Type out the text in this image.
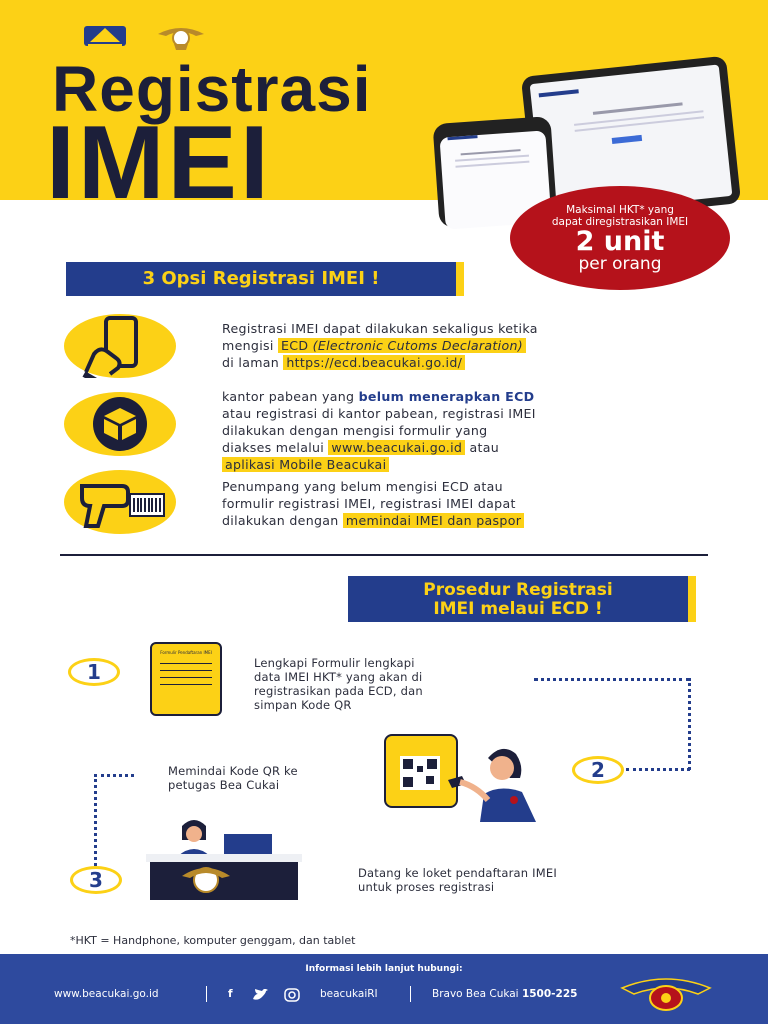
Registrasi
IMEI	Maksimal HKT* yang
dapat diregistrasikan IMEI
2 unit
per orang
3 Opsi Registrasi IMEI !
Registrasi IMEI dapat dilakukan sekaligus ketika
mengisi ECD (Electronic Cutoms Declaration)
di laman https://ecd.beacukai.go.id/
kantor pabean yang belum menerapkan ECD
atau registrasi di kantor pabean, registrasi IMEI
dilakukan dengan mengisi formulir yang
diakses melalui www.beacukai.go.id atau
aplikasi Mobile Beacukai
Penumpang yang belum mengisi ECD atau
formulir registrasi IMEI, registrasi IMEI dapat
dilakukan dengan memindai IMEI dan paspor
Prosedur Registrasi
IMEI melaui ECD !
1
Formulir Pendaftaran IMEI
Lengkapi Formulir lengkapi
data IMEI HKT* yang akan di
registrasikan pada ECD, dan
simpan Kode QR
2
Memindai Kode QR ke
petugas Bea Cukai
3	Datang ke loket pendaftaran IMEI
untuk proses registrasi
*HKT = Handphone, komputer genggam, dan tablet
Informasi lebih lanjut hubungi:
www.beacukai.go.id	f	beacukaiRI	Bravo Bea Cukai 1500-225
